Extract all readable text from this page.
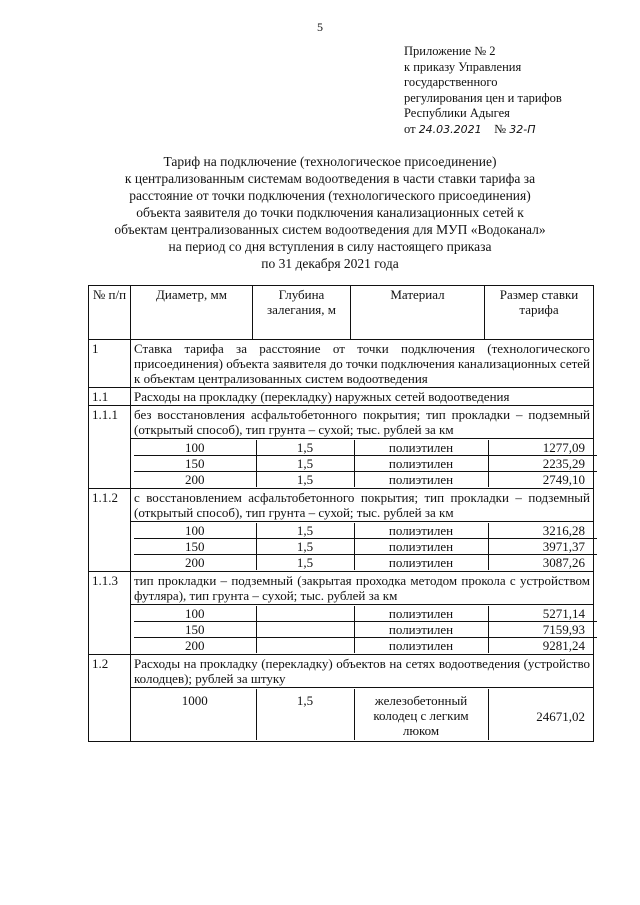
5
Приложение № 2
к приказу Управления
государственного
регулирования цен и тарифов
Республики Адыгея
от 24.03.2021 № 32-П
Тариф на подключение (технологическое присоединение)
к централизованным системам водоотведения в части ставки тарифа за
расстояние от точки подключения (технологического присоединения)
объекта заявителя до точки подключения канализационных сетей к
объектам централизованных систем водоотведения для МУП «Водоканал»
на период со дня вступления в силу настоящего приказа
по 31 декабря 2021 года
№ п/п	Диаметр, мм	Глубина залегания, м	Материал	Размер ставки тарифа
1	Ставка тарифа за расстояние от точки подключения (технологического присоединения) объекта заявителя до точки подключения канализационных сетей к объектам централизованных систем водоотведения
1.1	Расходы на прокладку (перекладку) наружных сетей водоотведения
1.1.1	без восстановления асфальтобетонного покрытия; тип прокладки – подземный (открытый способ), тип грунта – сухой; тыс. рублей за км

100	1,5	полиэтилен	1277,09
150	1,5	полиэтилен	2235,29
200	1,5	полиэтилен	2749,10

1.1.2	с восстановлением асфальтобетонного покрытия; тип прокладки – подземный (открытый способ), тип грунта – сухой; тыс. рублей за км

100	1,5	полиэтилен	3216,28
150	1,5	полиэтилен	3971,37
200	1,5	полиэтилен	3087,26

1.1.3	тип прокладки – подземный (закрытая проходка методом прокола с устройством футляра), тип грунта – сухой; тыс. рублей за км

100		полиэтилен	5271,14
150		полиэтилен	7159,93
200		полиэтилен	9281,24

1.2	Расходы на прокладку (перекладку) объектов на сетях водоотведения (устройство колодцев); рублей за штуку

1000	1,5	железобетонный колодец с легким люком	24671,02
